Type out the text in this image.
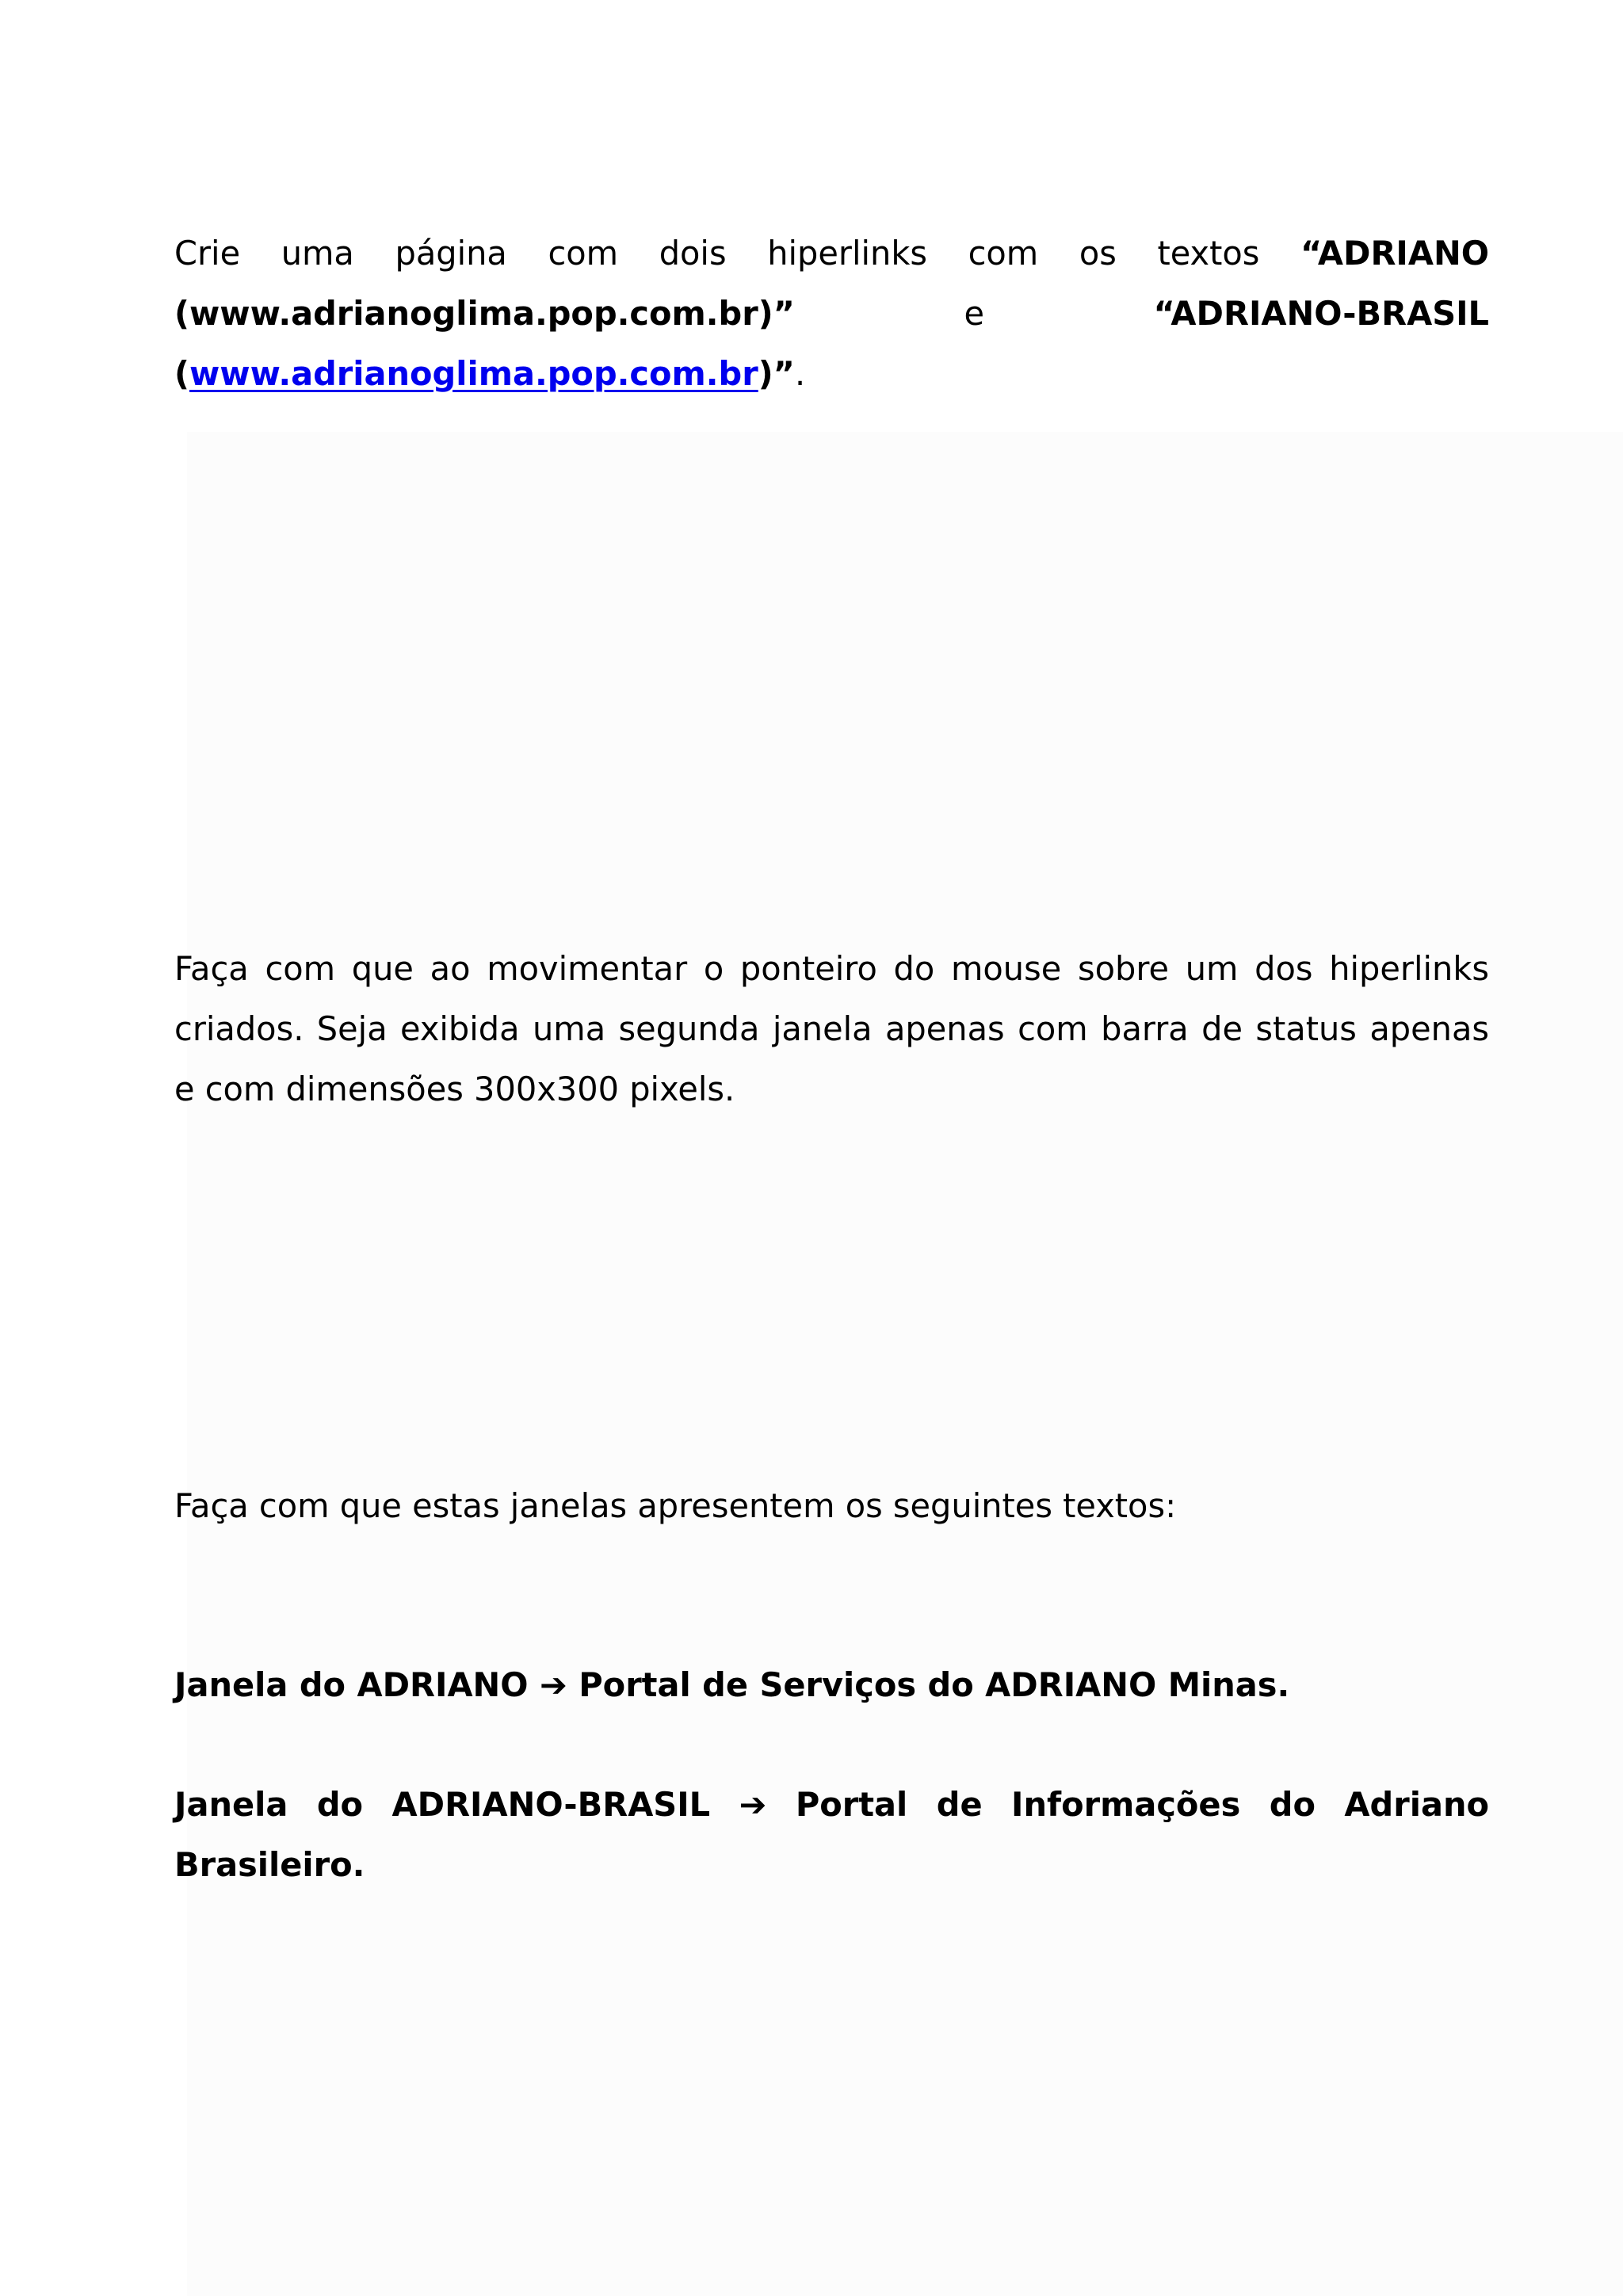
Crie uma página com dois hiperlinks com os textos “ADRIANO
(www.adrianoglima.pop.com.br)” e “ADRIANO-BRASIL
(www.adrianoglima.pop.com.br)”.
Faça com que ao movimentar o ponteiro do mouse sobre um dos hiperlinks
criados. Seja exibida uma segunda janela apenas com barra de status apenas
e com dimensões 300x300 pixels.
Faça com que estas janelas apresentem os seguintes textos:
Janela do ADRIANO ➔ Portal de Serviços do ADRIANO Minas.
Janela do ADRIANO-BRASIL ➔ Portal de Informações do Adriano
Brasileiro.
